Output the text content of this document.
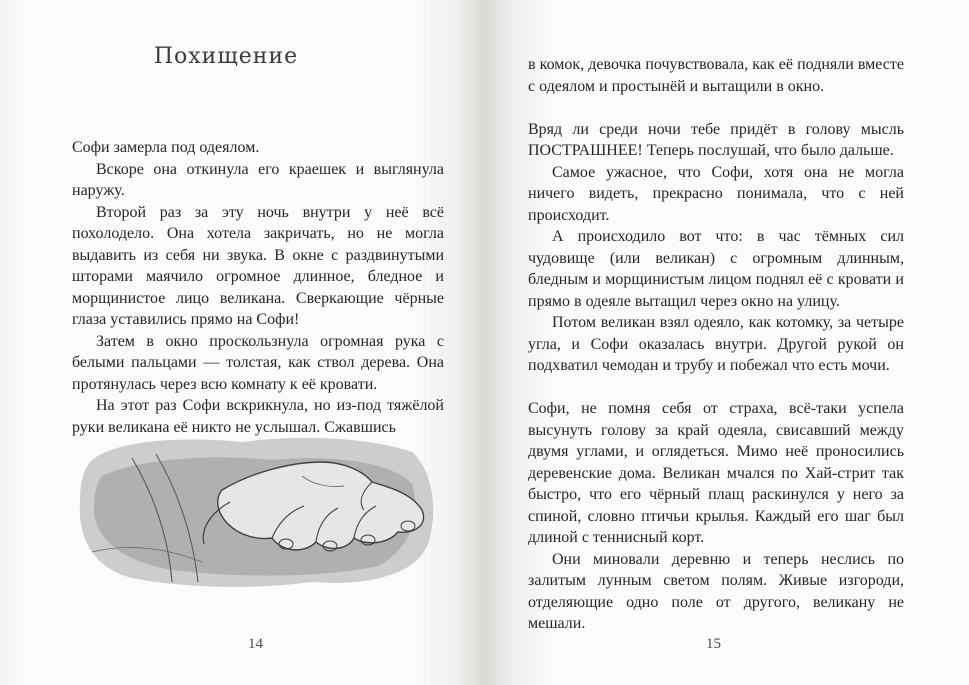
Похищение

Софи замерла под одеялом.

Вскоре она откинула его краешек и выглянула наружу.

Второй раз за эту ночь внутри у неё всё похолодело. Она хотела закричать, но не могла выдавить из себя ни звука. В окне с раздвинутыми шторами маячило огромное длинное, бледное и морщинистое лицо великана. Сверкающие чёрные глаза уставились прямо на Софи!

Затем в окно проскользнула огромная рука с белыми пальцами — толстая, как ствол дерева. Она протянулась через всю комнату к её кровати.

На этот раз Софи вскрикнула, но из-под тяжёлой руки великана её никто не услышал. Сжавшись

14

в комок, девочка почувствовала, как её подняли вместе с одеялом и простынёй и вытащили в окно.

Вряд ли среди ночи тебе придёт в голову мысль ПОСТРАШНЕЕ! Теперь послушай, что было дальше.

Самое ужасное, что Софи, хотя она не могла ничего видеть, прекрасно понимала, что с ней происходит.

А происходило вот что: в час тёмных сил чудовище (или великан) с огромным длинным, бледным и морщинистым лицом поднял её с кровати и прямо в одеяле вытащил через окно на улицу.

Потом великан взял одеяло, как котомку, за четыре угла, и Софи оказалась внутри. Другой рукой он подхватил чемодан и трубу и побежал что есть мочи.

Софи, не помня себя от страха, всё-таки успела высунуть голову за край одеяла, свисавший между двумя углами, и оглядеться. Мимо неё проносились деревенские дома. Великан мчался по Хай-стрит так быстро, что его чёрный плащ раскинулся у него за спиной, словно птичьи крылья. Каждый его шаг был длиной с теннисный корт.

Они миновали деревню и теперь неслись по залитым лунным светом полям. Живые изгороди, отделяющие одно поле от другого, великану не мешали.

15
